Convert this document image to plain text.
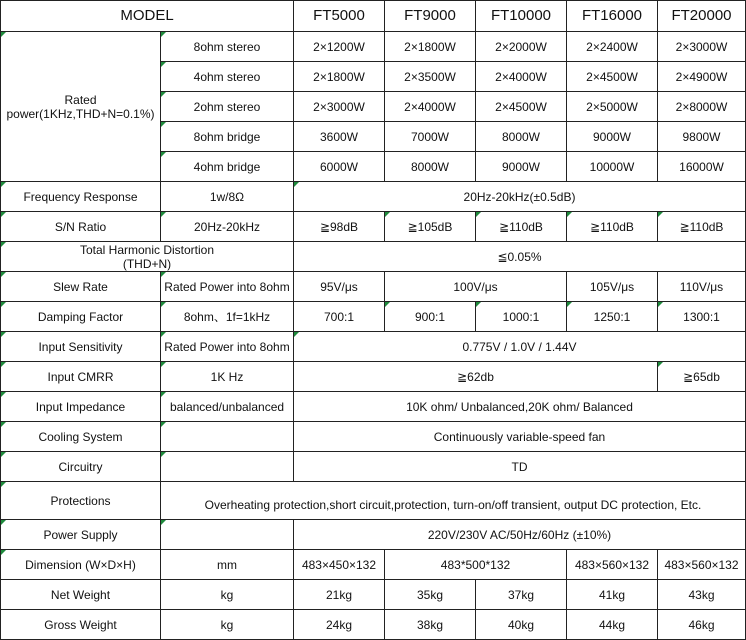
MODEL		FT5000	FT9000	FT10000	FT16000	FT20000
Rated power(1KHz,THD+N=0.1%)	8ohm stereo	2×1200W	2×1800W	2×2000W	2×2400W	2×3000W
	4ohm stereo	2×1800W	2×3500W	2×4000W	2×4500W	2×4900W
	2ohm stereo	2×3000W	2×4000W	2×4500W	2×5000W	2×8000W
	8ohm bridge	3600W	7000W	8000W	9000W	9800W
	4ohm bridge	6000W	8000W	9000W	10000W	16000W
Frequency Response	1w/8Ω	20Hz-20kHz(±0.5dB)				
S/N Ratio	20Hz-20kHz	≧98dB	≧105dB	≧110dB	≧110dB	≧110dB
Total Harmonic Distortion (THD+N)		≦0.05%				
Slew Rate	Rated Power into 8ohm	95V/μs	100V/μs		105V/μs	110V/μs
Damping Factor	8ohm、1f=1kHz	700:1	900:1	1000:1	1250:1	1300:1
Input Sensitivity	Rated Power into 8ohm	0.775V / 1.0V / 1.44V				
Input CMRR	1K Hz	≧62db				≧65db
Input Impedance	balanced/unbalanced	10K ohm/ Unbalanced,20K ohm/ Balanced				
Cooling System		Continuously variable-speed fan				
Circuitry		TD				
Protections	Overheating protection,short circuit,protection, turn-on/off transient, output DC protection, Etc.					
Power Supply		220V/230V AC/50Hz/60Hz (±10%)				
Dimension (W×D×H)	mm	483×450×132	483*500*132		483×560×132	483×560×132
Net Weight	kg	21kg	35kg	37kg	41kg	43kg
Gross Weight	kg	24kg	38kg	40kg	44kg	46kg
